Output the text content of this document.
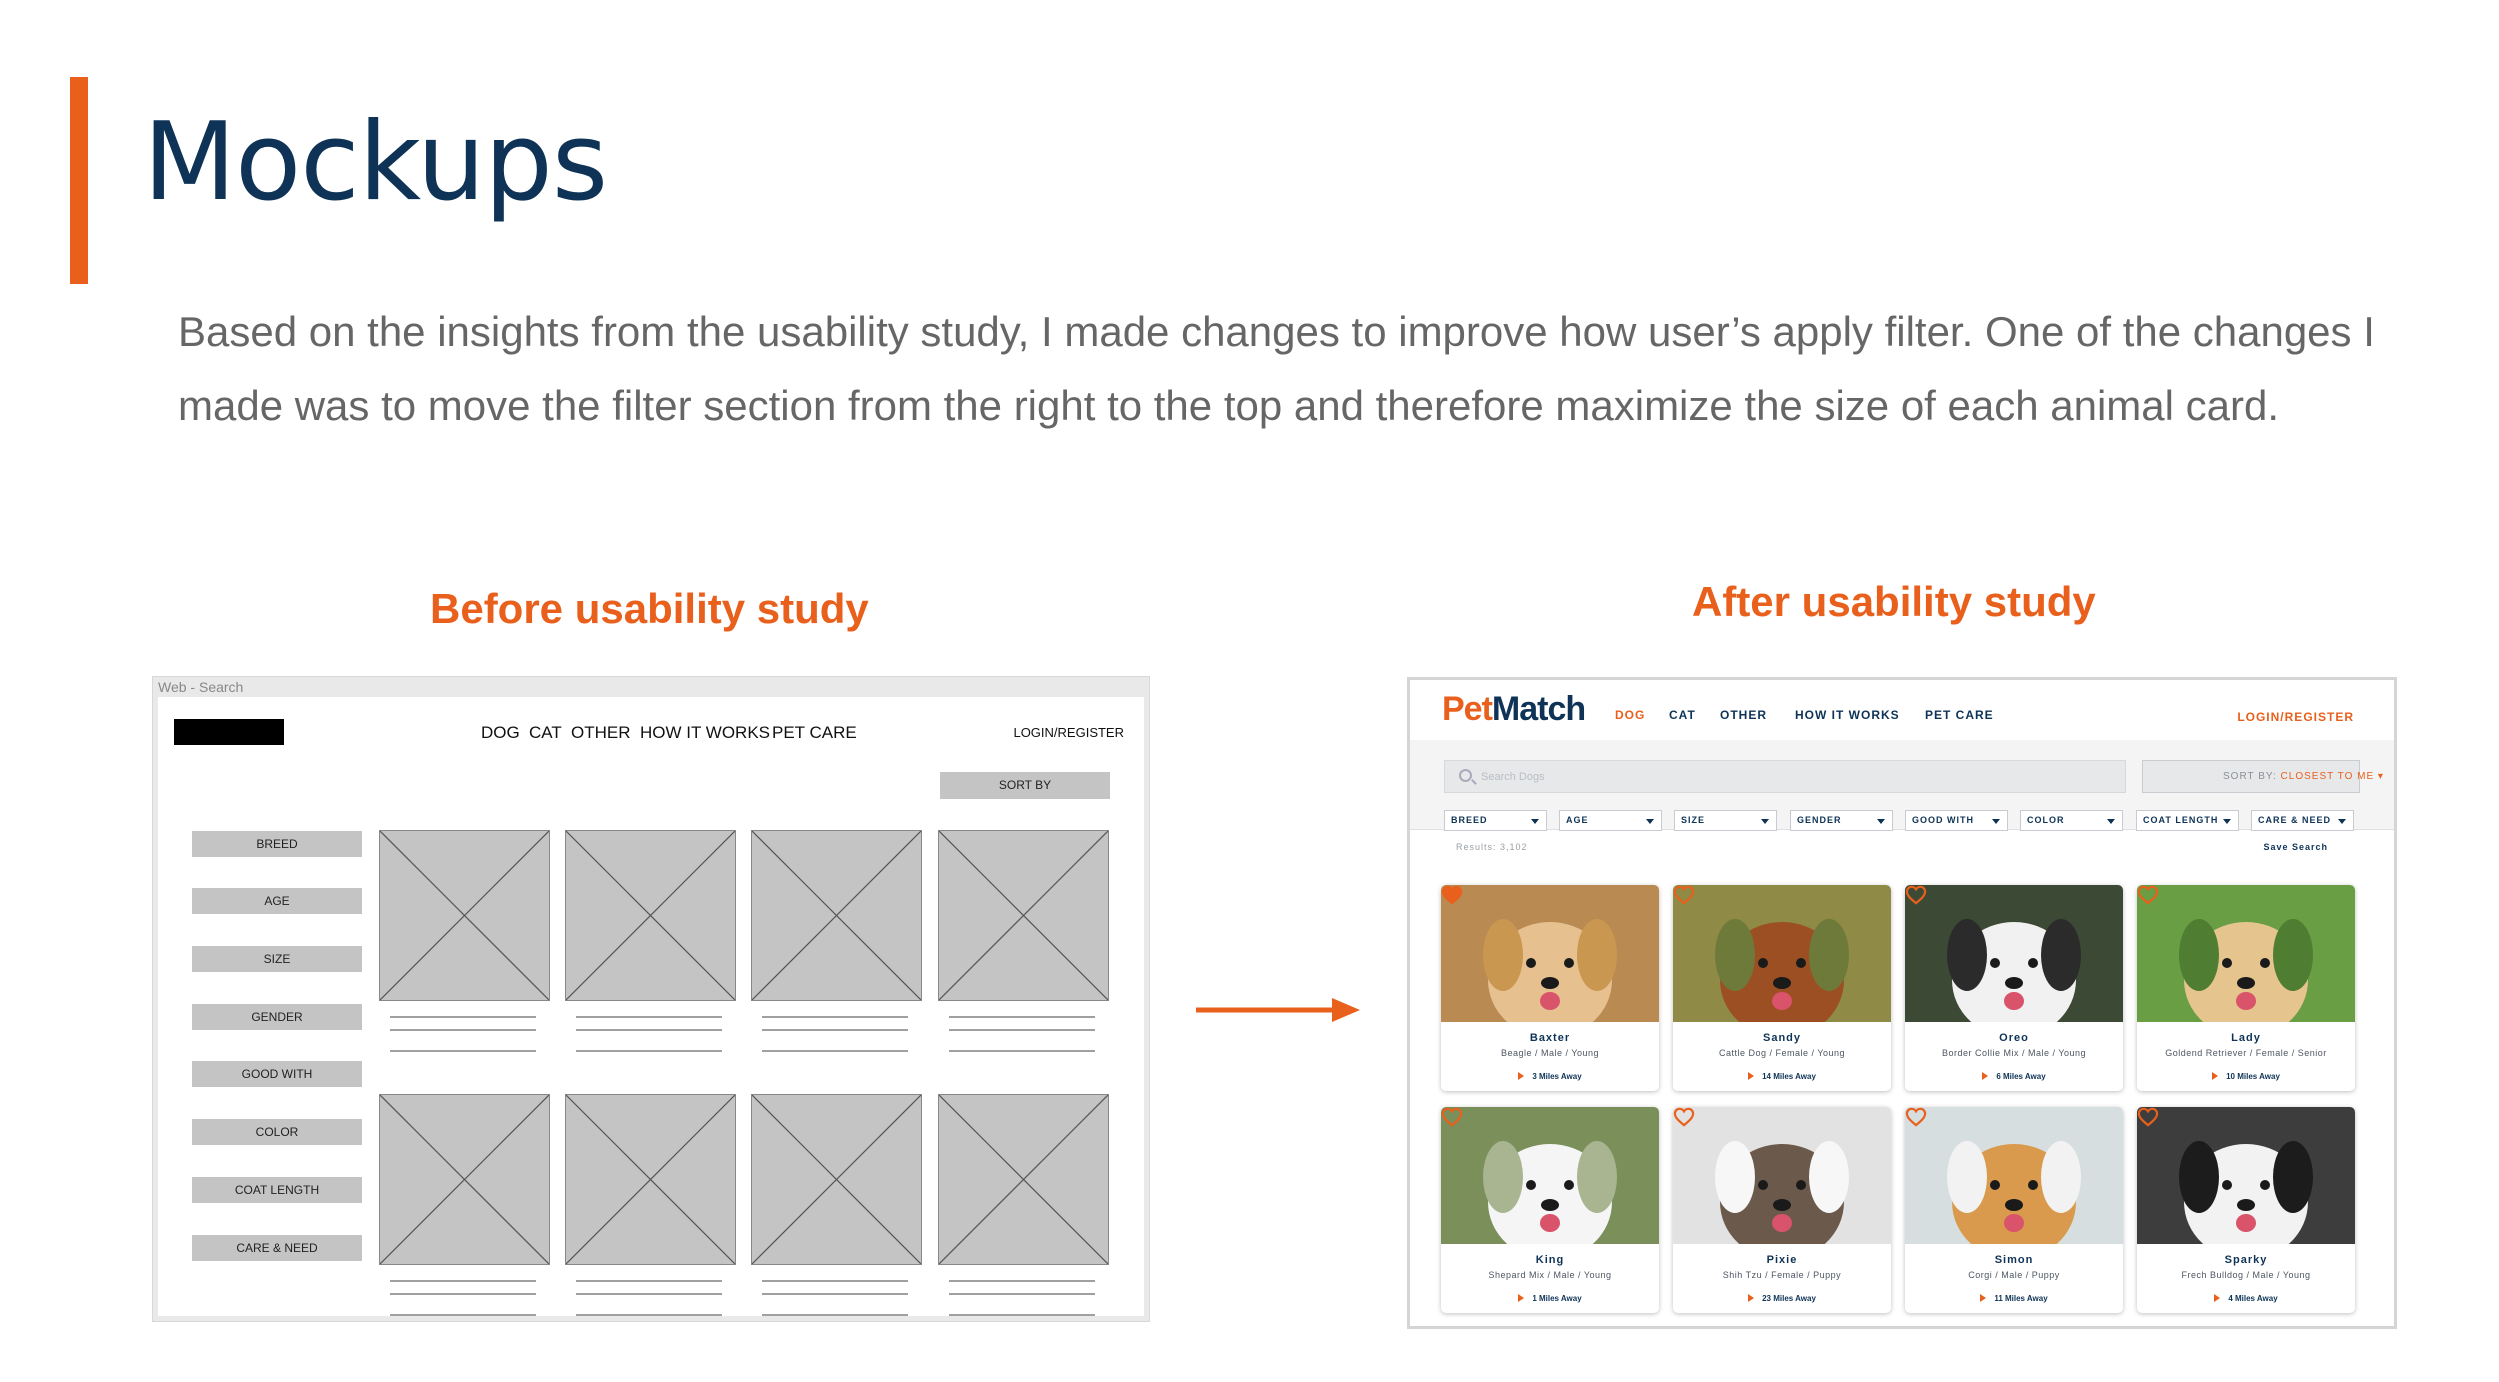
Mockups

Based on the insights from the usability study, I made changes to improve how user’s apply filter. One of the changes I made was to move the filter section from the right to the top and therefore maximize the size of each animal card.

Before usability study	After usability study
Web - Search
DOG CAT OTHER HOW IT WORKS PET CARE	LOGIN/REGISTER
SORT BY
BREED
AGE
SIZE
GENDER
GOOD WITH
COLOR
COAT LENGTH
CARE & NEED
PetMatch DOG CAT OTHER HOW IT WORKS PET CARE	LOGIN/REGISTER
Search Dogs
SORT BY: CLOSEST TO ME ▾
BREED	AGE	SIZE	GENDER	GOOD WITH	COLOR	COAT LENGTH	CARE & NEED
Results: 3,102	Save Search
Baxter
Beagle / Male / Young
3 Miles Away
Sandy
Cattle Dog / Female / Young
14 Miles Away
Oreo
Border Collie Mix / Male / Young
6 Miles Away
Lady
Goldend Retriever / Female / Senior
10 Miles Away
King
Shepard Mix / Male / Young
1 Miles Away
Pixie
Shih Tzu / Female / Puppy
23 Miles Away
Simon
Corgi / Male / Puppy
11 Miles Away
Sparky
Frech Bulldog / Male / Young
4 Miles Away
